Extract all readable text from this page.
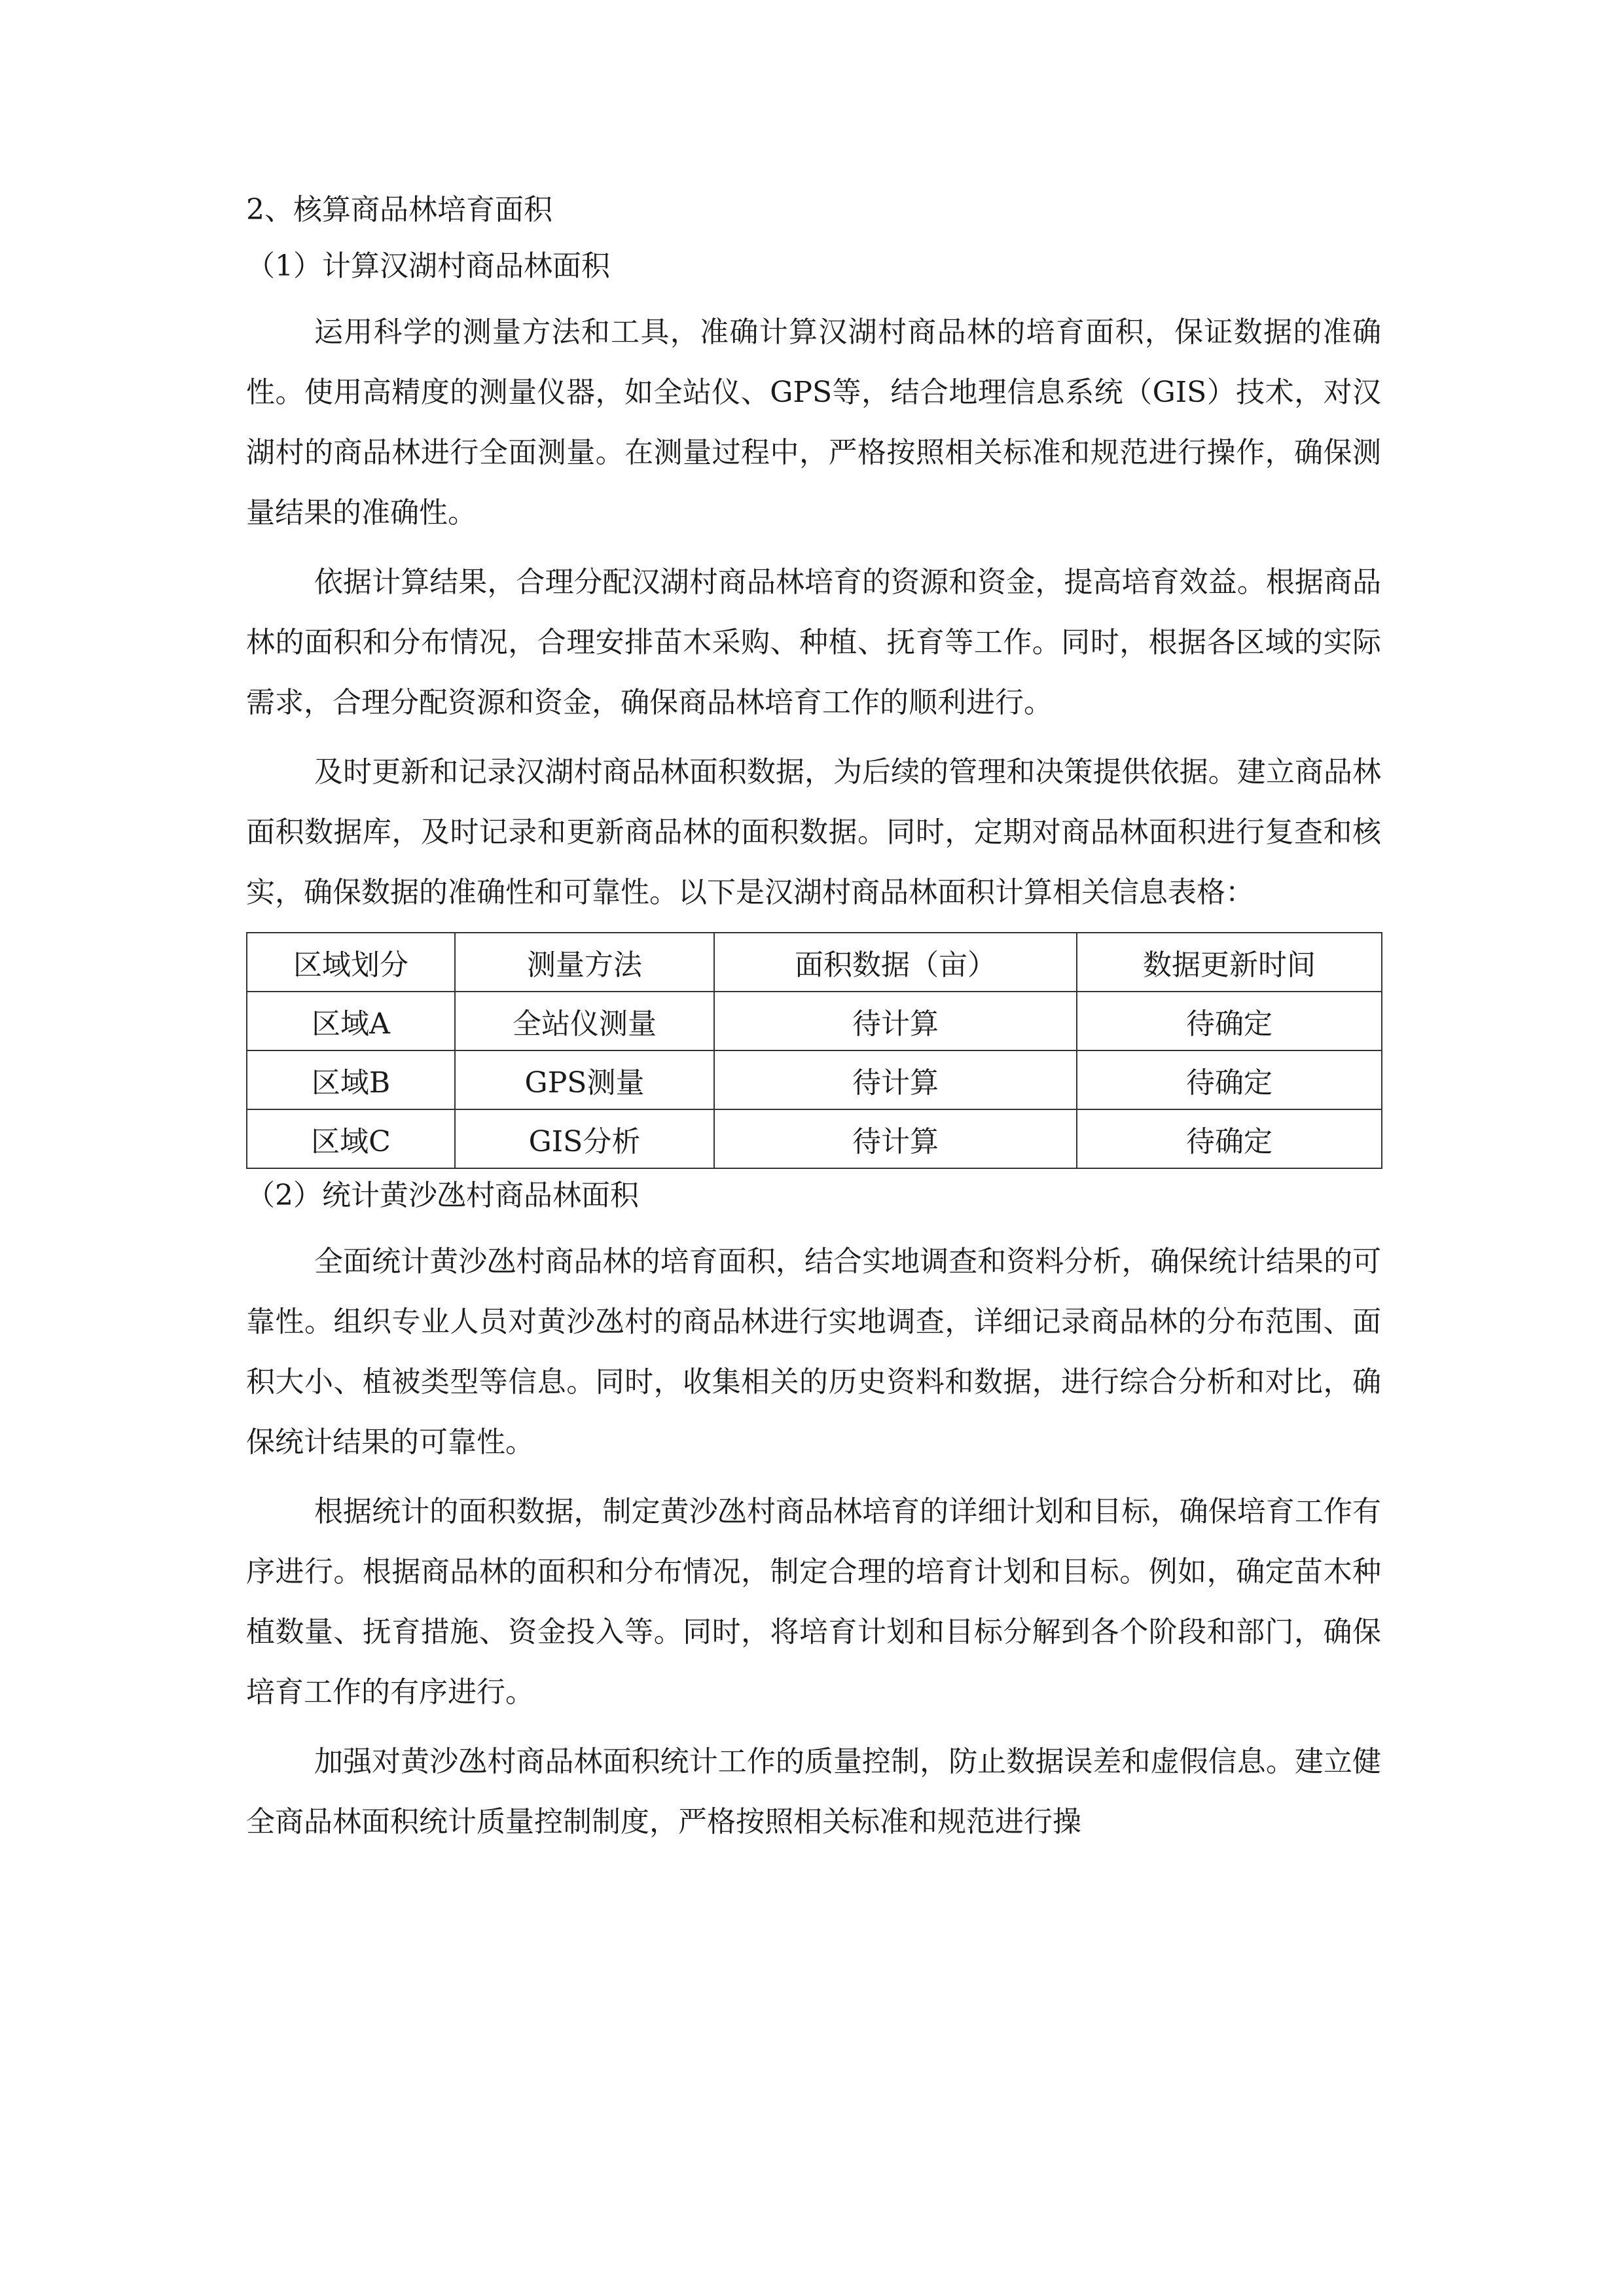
2、核算商品林培育面积
（1）计算汉湖村商品林面积

运用科学的测量方法和工具，准确计算汉湖村商品林的培育面积，保证数据的准确性。使用高精度的测量仪器，如全站仪、GPS等，结合地理信息系统（GIS）技术，对汉湖村的商品林进行全面测量。在测量过程中，严格按照相关标准和规范进行操作，确保测量结果的准确性。

依据计算结果，合理分配汉湖村商品林培育的资源和资金，提高培育效益。根据商品林的面积和分布情况，合理安排苗木采购、种植、抚育等工作。同时，根据各区域的实际需求，合理分配资源和资金，确保商品林培育工作的顺利进行。

及时更新和记录汉湖村商品林面积数据，为后续的管理和决策提供依据。建立商品林面积数据库，及时记录和更新商品林的面积数据。同时，定期对商品林面积进行复查和核实，确保数据的准确性和可靠性。以下是汉湖村商品林面积计算相关信息表格：

区域划分	测量方法	面积数据（亩）	数据更新时间
区域A	全站仪测量	待计算	待确定
区域B	GPS测量	待计算	待确定
区域C	GIS分析	待计算	待确定
（2）统计黄沙氹村商品林面积

全面统计黄沙氹村商品林的培育面积，结合实地调查和资料分析，确保统计结果的可靠性。组织专业人员对黄沙氹村的商品林进行实地调查，详细记录商品林的分布范围、面积大小、植被类型等信息。同时，收集相关的历史资料和数据，进行综合分析和对比，确保统计结果的可靠性。

根据统计的面积数据，制定黄沙氹村商品林培育的详细计划和目标，确保培育工作有序进行。根据商品林的面积和分布情况，制定合理的培育计划和目标。例如，确定苗木种植数量、抚育措施、资金投入等。同时，将培育计划和目标分解到各个阶段和部门，确保培育工作的有序进行。

加强对黄沙氹村商品林面积统计工作的质量控制，防止数据误差和虚假信息。建立健全商品林面积统计质量控制制度，严格按照相关标准和规范进行操
